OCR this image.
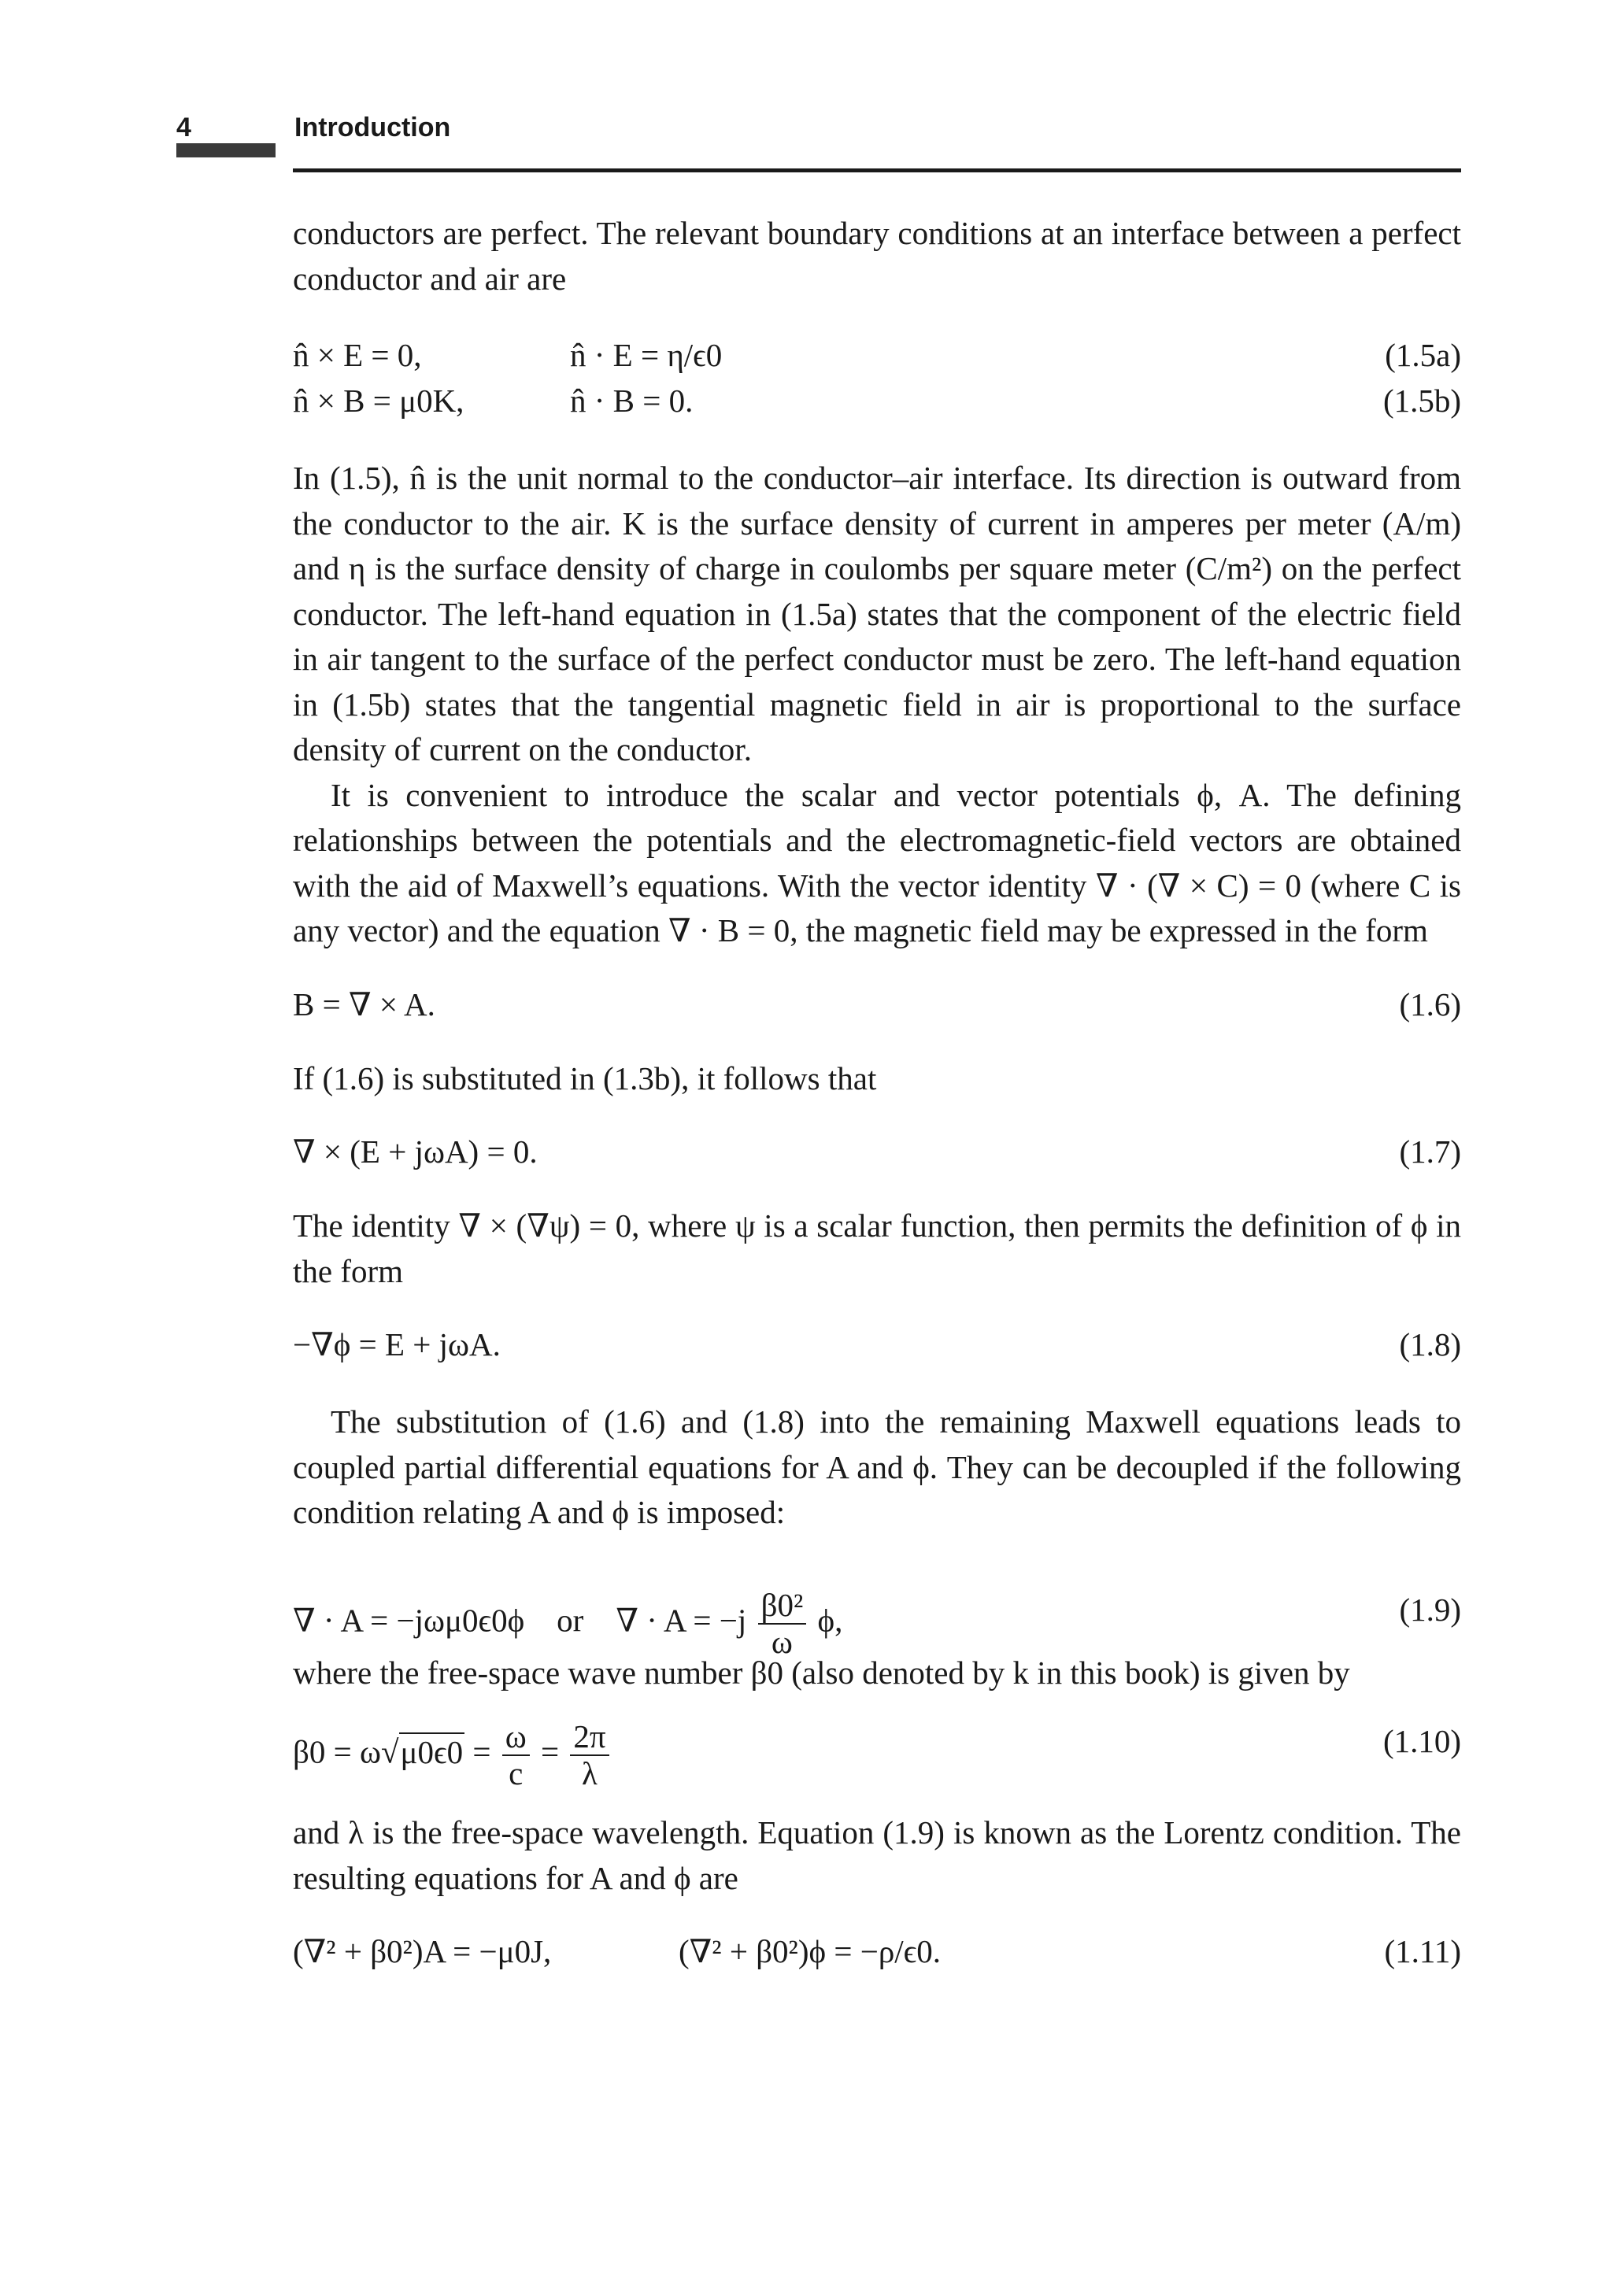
4	Introduction

conductors are perfect. The relevant boundary conditions at an interface between a perfect conductor and air are

n̂ × E = 0,	n̂ · E = η/ϵ0	(1.5a)
n̂ × B = μ0K,	n̂ · B = 0.	(1.5b)

In (1.5), n̂ is the unit normal to the conductor–air interface. Its direction is outward from the conductor to the air. K is the surface density of current in amperes per meter (A/m) and η is the surface density of charge in coulombs per square meter (C/m²) on the perfect conductor. The left-hand equation in (1.5a) states that the component of the electric field in air tangent to the surface of the perfect conductor must be zero. The left-hand equation in (1.5b) states that the tangential magnetic field in air is proportional to the surface density of current on the conductor.

It is convenient to introduce the scalar and vector potentials ϕ, A. The defining relationships between the potentials and the electromagnetic-field vectors are obtained with the aid of Maxwell’s equations. With the vector identity ∇ · (∇ × C) = 0 (where C is any vector) and the equation ∇ · B = 0, the magnetic field may be expressed in the form

B = ∇ × A.	(1.6)

If (1.6) is substituted in (1.3b), it follows that

∇ × (E + jωA) = 0.	(1.7)

The identity ∇ × (∇ψ) = 0, where ψ is a scalar function, then permits the definition of ϕ in the form

−∇ϕ = E + jωA.	(1.8)

The substitution of (1.6) and (1.8) into the remaining Maxwell equations leads to coupled partial differential equations for A and ϕ. They can be decoupled if the following condition relating A and ϕ is imposed:

∇ · A = −jωμ0ϵ0ϕ or ∇ · $A = -j \frac{\text{β0²}}{\omega} \phi$,	(1.9)

where the free-space wave number β0 (also denoted by k in this book) is given by

$\beta 0 = \omega√\mu 0\epsilon 0 = \frac{\omega}{c} = \frac{2\pi}{\lambda}$	(1.10)

and λ is the free-space wavelength. Equation (1.9) is known as the Lorentz condition. The resulting equations for A and ϕ are

(∇² + β0²)A = −μ0J,	(∇² + β0²)ϕ = −ρ/ϵ0.	(1.11)
